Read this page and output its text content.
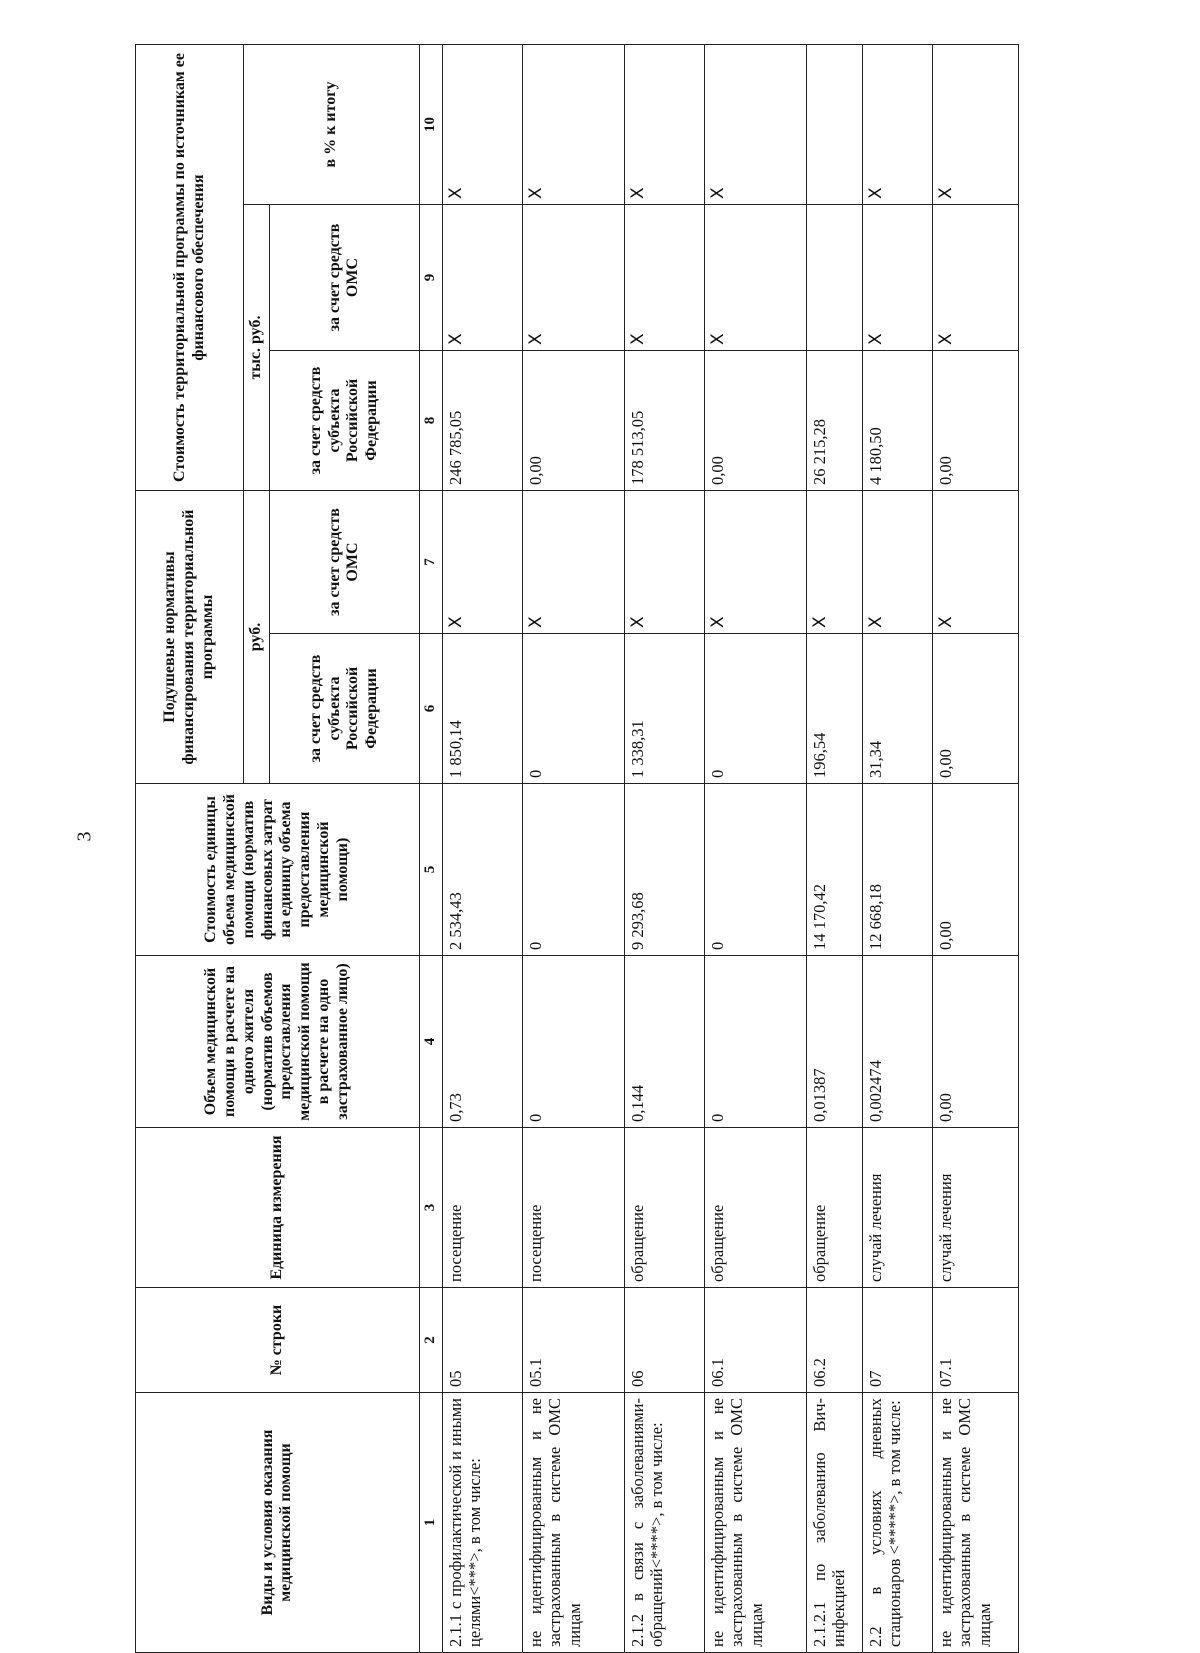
3
Виды и условия оказания медицинской помощи	№ строки	Единица измерения	Объем медицинской помощи в расчете на одного жителя (норматив объемов предоставления медицинской помощи в расчете на одно застрахованное лицо)	Стоимость единицы объема медицинской помощи (норматив финансовых затрат на единицу объема предоставления медицинской помощи)	Подушевые нормативы финансирования территориальной программы		Стоимость территориальной программы по источникам ее финансового обеспечения		
					руб.		тыс. руб.		в % к итогу
					за счет средств субъекта Российской Федерации	за счет средств ОМС	за счет средств субъекта Российской Федерации	за счет средств ОМС	
1	2	3	4	5	6	7	8	9	10
2.1.1 с профилактической и иными целями<***>, в том числе:	05	посещение	0,73	2 534,43	1 850,14	X	246 785,05	X	X
не идентифицированным и не застрахованным в системе ОМС лицам	05.1	посещение	0	0	0	X	0,00	X	X
2.1.2 в связи с заболеваниями-обращений<****>, в том числе:	06	обращение	0,144	9 293,68	1 338,31	X	178 513,05	X	X
не идентифицированным и не застрахованным в системе ОМС лицам	06.1	обращение	0	0	0	X	0,00	X	X
2.1.2.1 по заболеванию Вич-инфекцией	06.2	обращение	0,01387	14 170,42	196,54	X	26 215,28		
2.2 в условиях дневных стационаров <*****>, в том числе:	07	случай лечения	0,002474	12 668,18	31,34	X	4 180,50	X	X
не идентифицированным и не застрахованным в системе ОМС лицам	07.1	случай лечения	0,00	0,00	0,00	X	0,00	X	X
